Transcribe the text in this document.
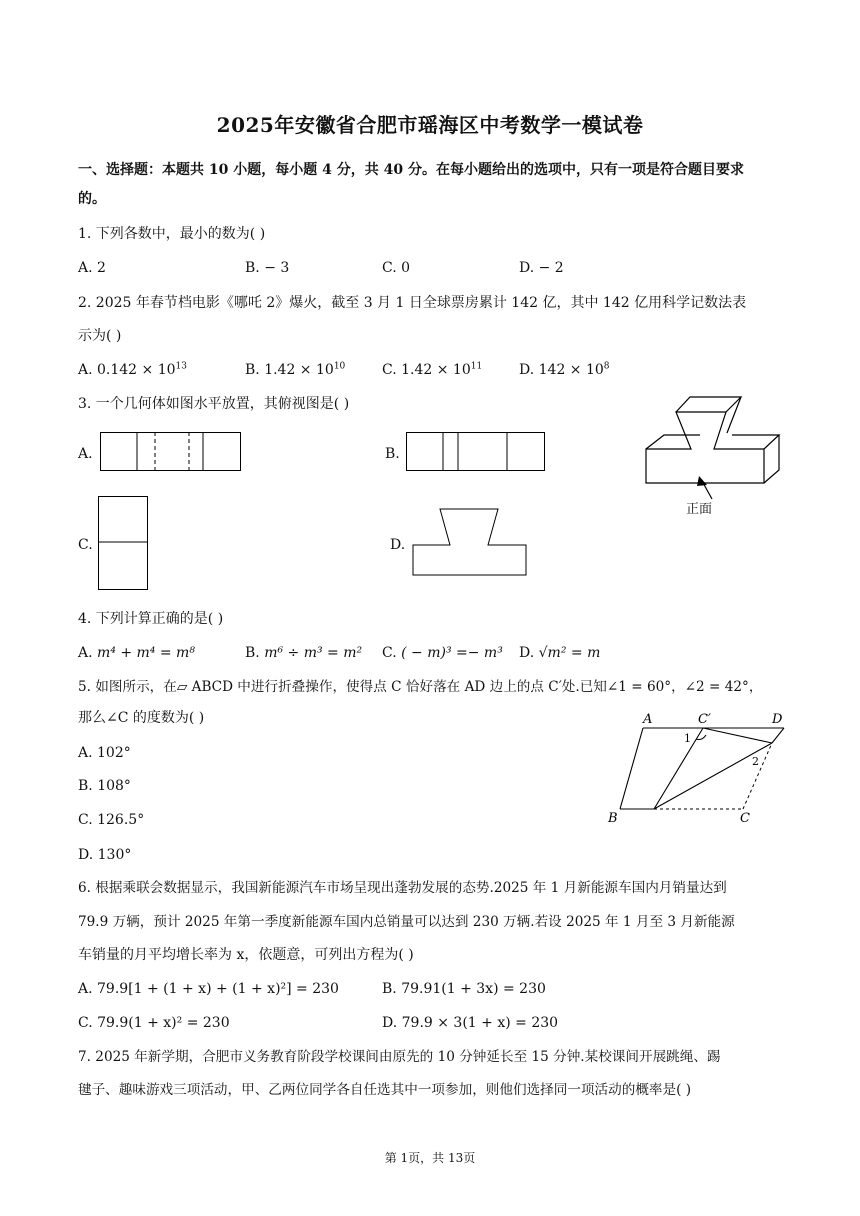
2025年安徽省合肥市瑶海区中考数学一模试卷
一、选择题：本题共 10 小题，每小题 4 分，共 40 分。在每小题给出的选项中，只有一项是符合题目要求
的。
1. 下列各数中，最小的数为( )
A. 2	B. − 3	C. 0	D. − 2
2. 2025 年春节档电影《哪吒 2》爆火，截至 3 月 1 日全球票房累计 142 亿，其中 142 亿用科学记数法表
示为( )
A. $0.142 \times 10^{13}$	B. $1.42 \times 10^{10}$	C. $1.42 \times 10^{11}$	D. $142 \times 10^8$
3. 一个几何体如图水平放置，其俯视图是( )
A.	B.
C.	D.
正面
4. 下列计算正确的是( )
A. m⁴ + m⁴ = m⁸	B. m⁶ ÷ m³ = m² C. ( − m)³ =− m³ D. √m² = m
5. 如图所示，在▱ ABCD 中进行折叠操作，使得点 C 恰好落在 AD 边上的点 C′处.已知∠1 = 60°，∠2 = 42°，
那么∠C 的度数为( )
A. 102°
B. 108°
C. 126.5°
D. 130°
A	C′	D
1
2
B	C
6. 根据乘联会数据显示，我国新能源汽车市场呈现出蓬勃发展的态势.2025 年 1 月新能源车国内月销量达到
79.9 万辆，预计 2025 年第一季度新能源车国内总销量可以达到 230 万辆.若设 2025 年 1 月至 3 月新能源
车销量的月平均增长率为 x，依题意，可列出方程为( )
A. 79.9[1 + (1 + x) + (1 + x)²] = 230	B. 79.91(1 + 3x) = 230
C. 79.9(1 + x)² = 230	D. 79.9 × 3(1 + x) = 230
7. 2025 年新学期，合肥市义务教育阶段学校课间由原先的 10 分钟延长至 15 分钟.某校课间开展跳绳、踢
毽子、趣味游戏三项活动，甲、乙两位同学各自任选其中一项参加，则他们选择同一项活动的概率是( )
第 1页，共 13页
